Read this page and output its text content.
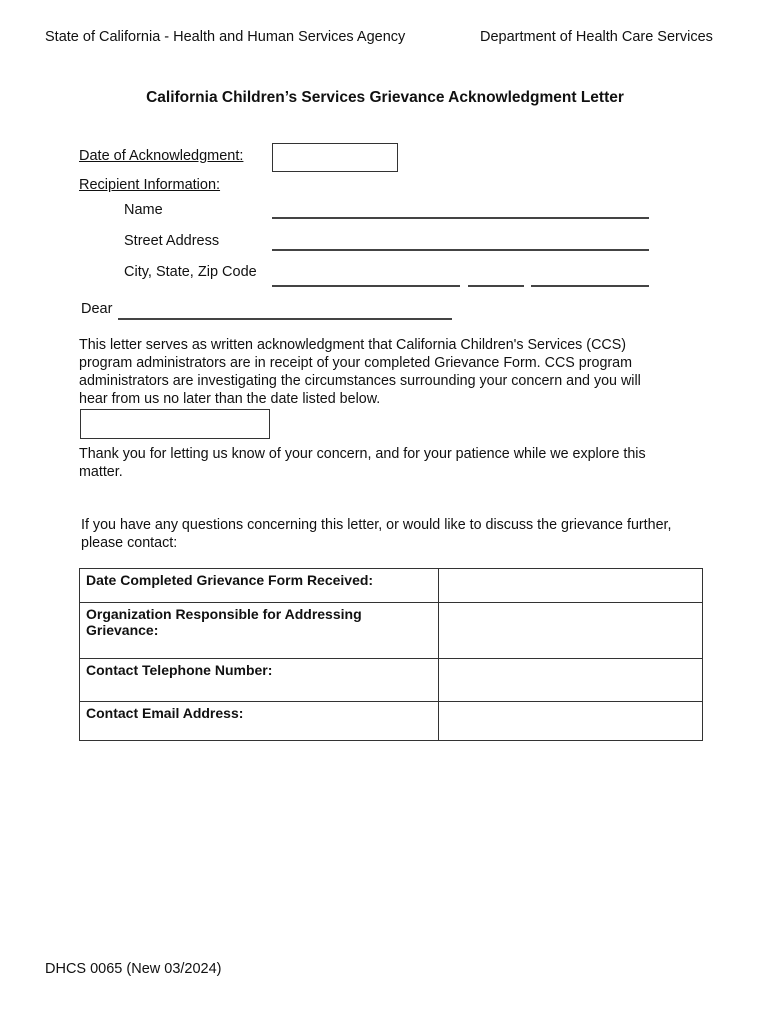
State of California - Health and Human Services Agency	Department of Health Care Services
California Children’s Services Grievance Acknowledgment Letter
Date of Acknowledgment:
Recipient Information:
Name
Street Address
City, State, Zip Code
Dear
This letter serves as written acknowledgment that California Children's Services (CCS) program administrators are in receipt of your completed Grievance Form. CCS program administrators are investigating the circumstances surrounding your concern and you will hear from us no later than the date listed below.
Thank you for letting us know of your concern, and for your patience while we explore this matter.
If you have any questions concerning this letter, or would like to discuss the grievance further, please contact:
Date Completed Grievance Form Received:	
Organization Responsible for Addressing Grievance:	
Contact Telephone Number:	
Contact Email Address:	
DHCS 0065 (New 03/2024)
